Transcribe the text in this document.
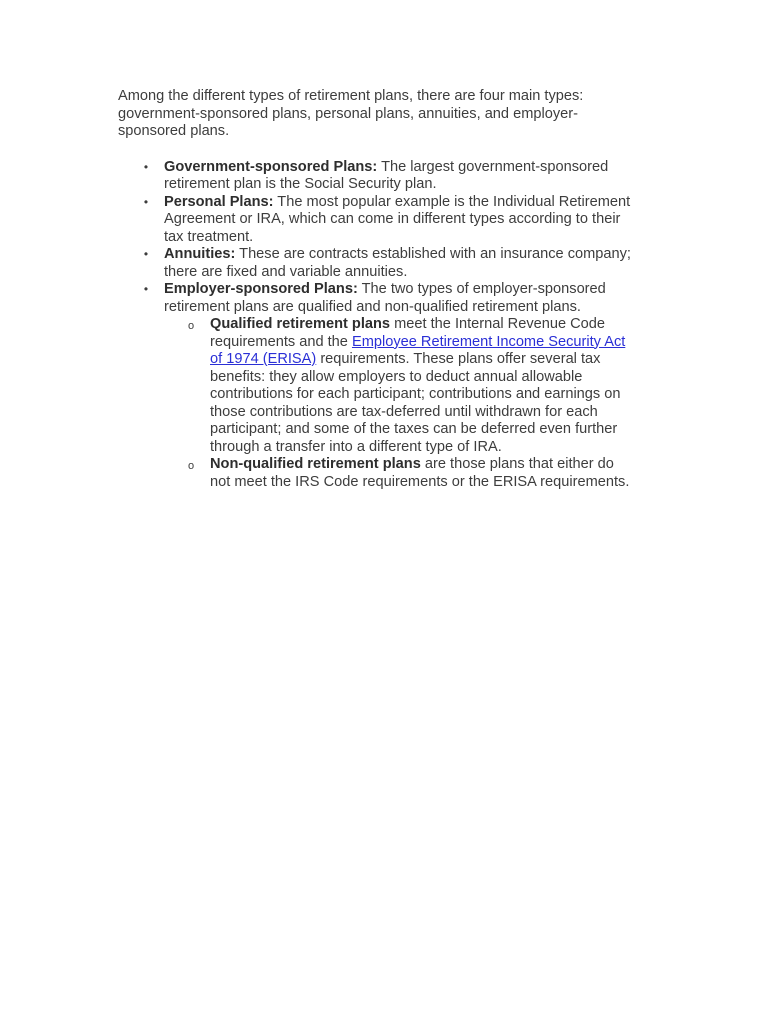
Among the different types of retirement plans, there are four main types: government-sponsored plans, personal plans, annuities, and employer-sponsored plans.

• Government-sponsored Plans: The largest government-sponsored retirement plan is the Social Security plan.
• Personal Plans: The most popular example is the Individual Retirement Agreement or IRA, which can come in different types according to their tax treatment.
• Annuities: These are contracts established with an insurance company; there are fixed and variable annuities.
• Employer-sponsored Plans: The two types of employer-sponsored retirement plans are qualified and non-qualified retirement plans.
o Qualified retirement plans meet the Internal Revenue Code requirements and the Employee Retirement Income Security Act of 1974 (ERISA) requirements. These plans offer several tax benefits: they allow employers to deduct annual allowable contributions for each participant; contributions and earnings on those contributions are tax-deferred until withdrawn for each participant; and some of the taxes can be deferred even further through a transfer into a different type of IRA.
o Non-qualified retirement plans are those plans that either do not meet the IRS Code requirements or the ERISA requirements.
